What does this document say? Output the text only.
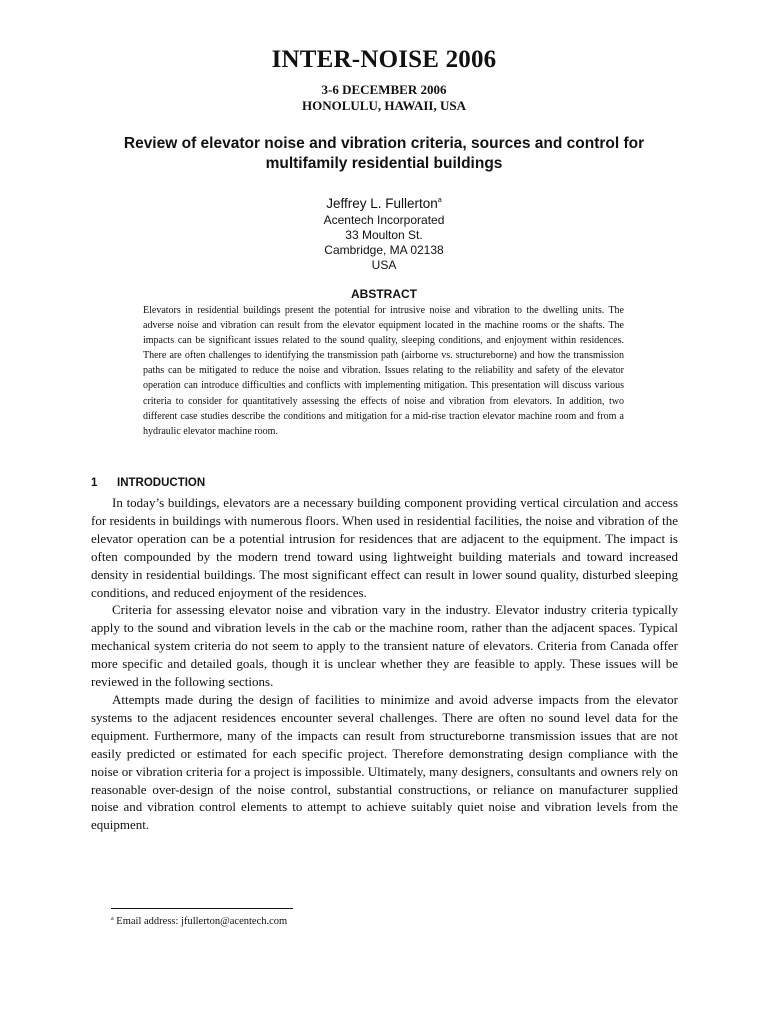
INTER-NOISE 2006
3-6 DECEMBER 2006
HONOLULU, HAWAII, USA
Review of elevator noise and vibration criteria, sources and control for multifamily residential buildings
Jeffrey L. Fullerton$^a$
Acentech Incorporated
33 Moulton St.
Cambridge, MA 02138
USA
ABSTRACT

Elevators in residential buildings present the potential for intrusive noise and vibration to the dwelling units. The adverse noise and vibration can result from the elevator equipment located in the machine rooms or the shafts. The impacts can be significant issues related to the sound quality, sleeping conditions, and enjoyment within residences. There are often challenges to identifying the transmission path (airborne vs. structureborne) and how the transmission paths can be mitigated to reduce the noise and vibration. Issues relating to the reliability and safety of the elevator operation can introduce difficulties and conflicts with implementing mitigation. This presentation will discuss various criteria to consider for quantitatively assessing the effects of noise and vibration from elevators. In addition, two different case studies describe the conditions and mitigation for a mid-rise traction elevator machine room and from a hydraulic elevator machine room.

1 INTRODUCTION

In today’s buildings, elevators are a necessary building component providing vertical circulation and access for residents in buildings with numerous floors. When used in residential facilities, the noise and vibration of the elevator operation can be a potential intrusion for residences that are adjacent to the equipment. The impact is often compounded by the modern trend toward using lightweight building materials and toward increased density in residential buildings. The most significant effect can result in lower sound quality, disturbed sleeping conditions, and reduced enjoyment of the residences.

Criteria for assessing elevator noise and vibration vary in the industry. Elevator industry criteria typically apply to the sound and vibration levels in the cab or the machine room, rather than the adjacent spaces. Typical mechanical system criteria do not seem to apply to the transient nature of elevators. Criteria from Canada offer more specific and detailed goals, though it is unclear whether they are feasible to apply. These issues will be reviewed in the following sections.

Attempts made during the design of facilities to minimize and avoid adverse impacts from the elevator systems to the adjacent residences encounter several challenges. There are often no sound level data for the equipment. Furthermore, many of the impacts can result from structureborne transmission issues that are not easily predicted or estimated for each specific project. Therefore demonstrating design compliance with the noise or vibration criteria for a project is impossible. Ultimately, many designers, consultants and owners rely on reasonable over-design of the noise control, substantial constructions, or reliance on manufacturer supplied noise and vibration control elements to attempt to achieve suitably quiet noise and vibration levels from the equipment.

$^a$ Email address: jfullerton@acentech.com
